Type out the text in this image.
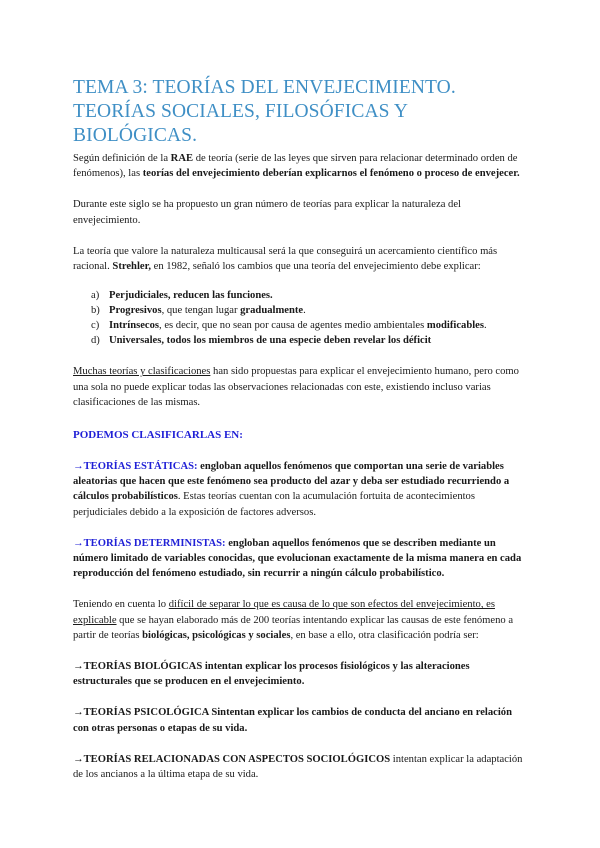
TEMA 3: TEORÍAS DEL ENVEJECIMIENTO. TEORÍAS SOCIALES, FILOSÓFICAS Y BIOLÓGICAS.

Según definición de la RAE de teoría (serie de las leyes que sirven para relacionar determinado orden de fenómenos), las teorías del envejecimiento deberían explicarnos el fenómeno o proceso de envejecer.

Durante este siglo se ha propuesto un gran número de teorías para explicar la naturaleza del envejecimiento.

La teoría que valore la naturaleza multicausal será la que conseguirá un acercamiento científico más racional. Strehler, en 1982, señaló los cambios que una teoría del envejecimiento debe explicar:

a) Perjudiciales, reducen las funciones.
b) Progresivos, que tengan lugar gradualmente.
c) Intrínsecos, es decir, que no sean por causa de agentes medio ambientales modificables.
d) Universales, todos los miembros de una especie deben revelar los déficit

Muchas teorías y clasificaciones han sido propuestas para explicar el envejecimiento humano, pero como una sola no puede explicar todas las observaciones relacionadas con este, existiendo incluso varias clasificaciones de las mismas.

PODEMOS CLASIFICARLAS EN:

→TEORÍAS ESTÁTICAS: engloban aquellos fenómenos que comportan una serie de variables aleatorias que hacen que este fenómeno sea producto del azar y deba ser estudiado recurriendo a cálculos probabilísticos. Estas teorías cuentan con la acumulación fortuita de acontecimientos perjudiciales debido a la exposición de factores adversos.

→TEORÍAS DETERMINISTAS: engloban aquellos fenómenos que se describen mediante un número limitado de variables conocidas, que evolucionan exactamente de la misma manera en cada reproducción del fenómeno estudiado, sin recurrir a ningún cálculo probabilístico.

Teniendo en cuenta lo difícil de separar lo que es causa de lo que son efectos del envejecimiento, es explicable que se hayan elaborado más de 200 teorías intentando explicar las causas de este fenómeno a partir de teorías biológicas, psicológicas y sociales, en base a ello, otra clasificación podría ser:

→TEORÍAS BIOLÓGICAS intentan explicar los procesos fisiológicos y las alteraciones estructurales que se producen en el envejecimiento.

→TEORÍAS PSICOLÓGICA Sintentan explicar los cambios de conducta del anciano en relación con otras personas o etapas de su vida.

→TEORÍAS RELACIONADAS CON ASPECTOS SOCIOLÓGICOS intentan explicar la adaptación de los ancianos a la última etapa de su vida.
